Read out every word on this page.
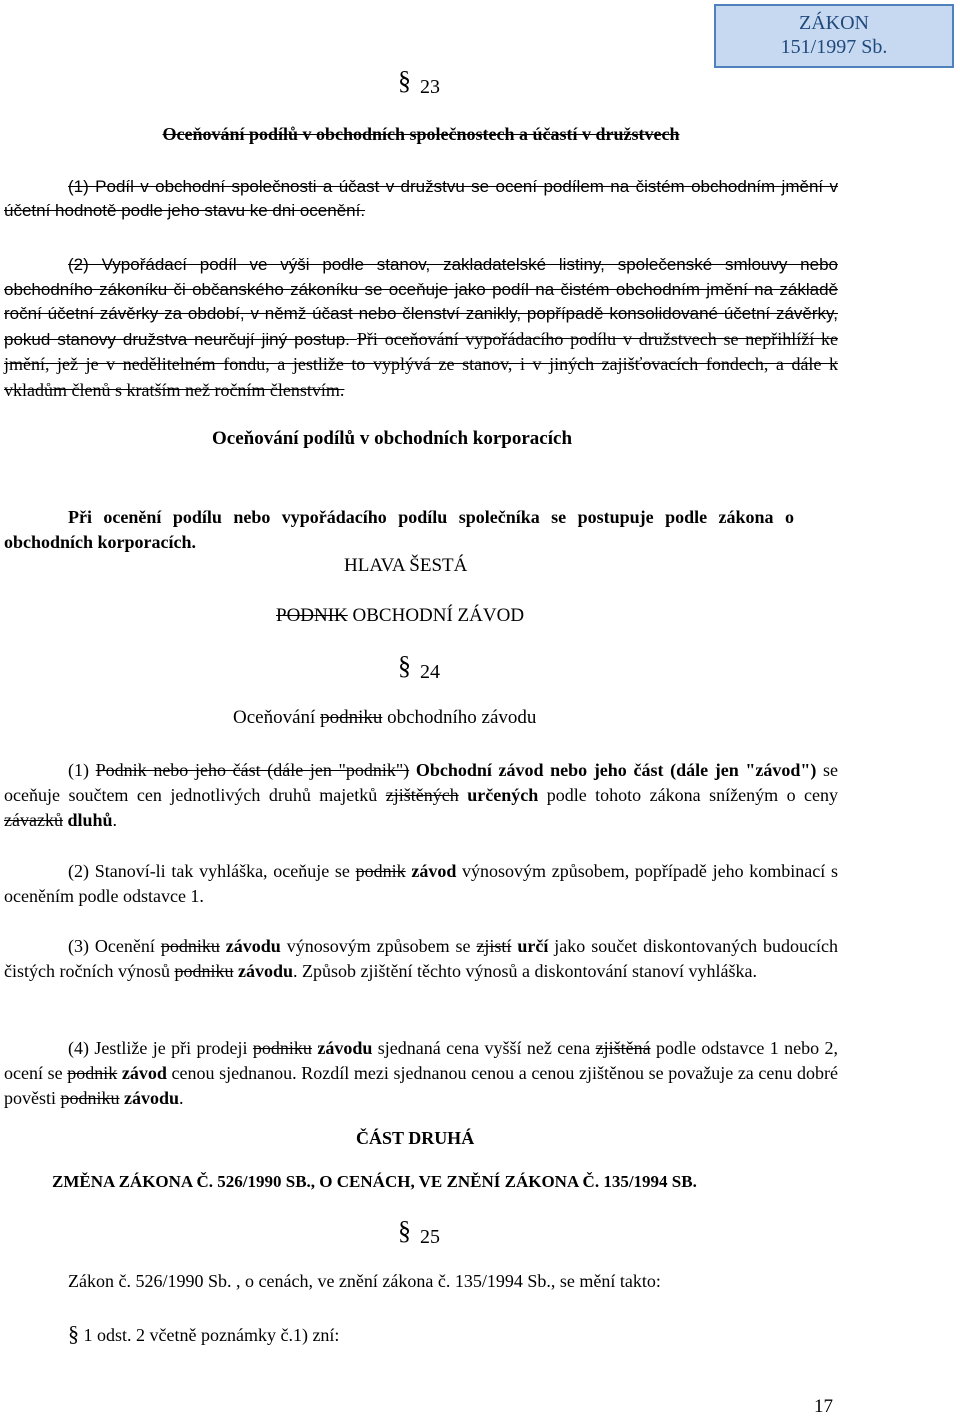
ZÁKON
151/1997 Sb.
§ 23
Oceňování podílů v obchodních společnostech a účastí v družstvech
(1) Podíl v obchodní společnosti a účast v družstvu se ocení podílem na čistém obchodním jmění v účetní hodnotě podle jeho stavu ke dni ocenění.
(2) Vypořádací podíl ve výši podle stanov, zakladatelské listiny, společenské smlouvy nebo obchodního zákoníku či občanského zákoníku se oceňuje jako podíl na čistém obchodním jmění na základě roční účetní závěrky za období, v němž účast nebo členství zanikly, popřípadě konsolidované účetní závěrky, pokud stanovy družstva neurčují jiný postup. Při oceňování vypořádacího podílu v družstvech se nepřihlíží ke jmění, jež je v nedělitelném fondu, a jestliže to vyplývá ze stanov, i v jiných zajišťovacích fondech, a dále k vkladům členů s kratším než ročním členstvím.
Oceňování podílů v obchodních korporacích
Při ocenění podílu nebo vypořádacího podílu společníka se postupuje podle zákona o obchodních korporacích.
HLAVA ŠESTÁ
PODNIK OBCHODNÍ ZÁVOD
§ 24
Oceňování podniku obchodního závodu
(1) Podnik nebo jeho část (dále jen "podnik") Obchodní závod nebo jeho část (dále jen "závod") se oceňuje součtem cen jednotlivých druhů majetků zjištěných určených podle tohoto zákona sníženým o ceny závazků dluhů.
(2) Stanoví-li tak vyhláška, oceňuje se podnik závod výnosovým způsobem, popřípadě jeho kombinací s oceněním podle odstavce 1.
(3) Ocenění podniku závodu výnosovým způsobem se zjistí určí jako součet diskontovaných budoucích čistých ročních výnosů podniku závodu. Způsob zjištění těchto výnosů a diskontování stanoví vyhláška.
(4) Jestliže je při prodeji podniku závodu sjednaná cena vyšší než cena zjištěná podle odstavce 1 nebo 2, ocení se podnik závod cenou sjednanou. Rozdíl mezi sjednanou cenou a cenou zjištěnou se považuje za cenu dobré pověsti podniku závodu.
ČÁST DRUHÁ
ZMĚNA ZÁKONA Č. 526/1990 SB., O CENÁCH, VE ZNĚNÍ ZÁKONA Č. 135/1994 SB.
§ 25
Zákon č. 526/1990 Sb. , o cenách, ve znění zákona č. 135/1994 Sb., se mění takto:
§ 1 odst. 2 včetně poznámky č.1) zní:
17
